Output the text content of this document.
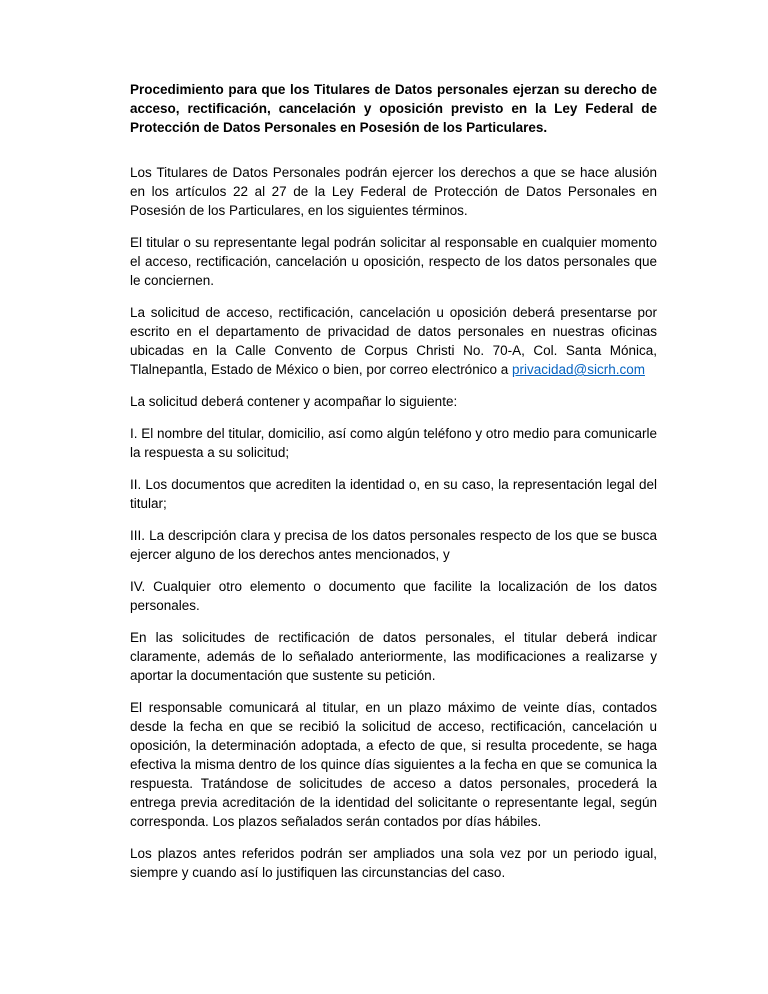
Procedimiento para que los Titulares de Datos personales ejerzan su derecho de acceso, rectificación, cancelación y oposición previsto en la Ley Federal de Protección de Datos Personales en Posesión de los Particulares.

Los Titulares de Datos Personales podrán ejercer los derechos a que se hace alusión en los artículos 22 al 27 de la Ley Federal de Protección de Datos Personales en Posesión de los Particulares, en los siguientes términos.

El titular o su representante legal podrán solicitar al responsable en cualquier momento el acceso, rectificación, cancelación u oposición, respecto de los datos personales que le conciernen.

La solicitud de acceso, rectificación, cancelación u oposición deberá presentarse por escrito en el departamento de privacidad de datos personales en nuestras oficinas ubicadas en la Calle Convento de Corpus Christi No. 70-A, Col. Santa Mónica, Tlalnepantla, Estado de México o bien, por correo electrónico a privacidad@sicrh.com

La solicitud deberá contener y acompañar lo siguiente:

I. El nombre del titular, domicilio, así como algún teléfono y otro medio para comunicarle la respuesta a su solicitud;

II. Los documentos que acrediten la identidad o, en su caso, la representación legal del titular;

III. La descripción clara y precisa de los datos personales respecto de los que se busca ejercer alguno de los derechos antes mencionados, y

IV. Cualquier otro elemento o documento que facilite la localización de los datos personales.

En las solicitudes de rectificación de datos personales, el titular deberá indicar claramente, además de lo señalado anteriormente, las modificaciones a realizarse y aportar la documentación que sustente su petición.

El responsable comunicará al titular, en un plazo máximo de veinte días, contados desde la fecha en que se recibió la solicitud de acceso, rectificación, cancelación u oposición, la determinación adoptada, a efecto de que, si resulta procedente, se haga efectiva la misma dentro de los quince días siguientes a la fecha en que se comunica la respuesta. Tratándose de solicitudes de acceso a datos personales, procederá la entrega previa acreditación de la identidad del solicitante o representante legal, según corresponda. Los plazos señalados serán contados por días hábiles.

Los plazos antes referidos podrán ser ampliados una sola vez por un periodo igual, siempre y cuando así lo justifiquen las circunstancias del caso.
